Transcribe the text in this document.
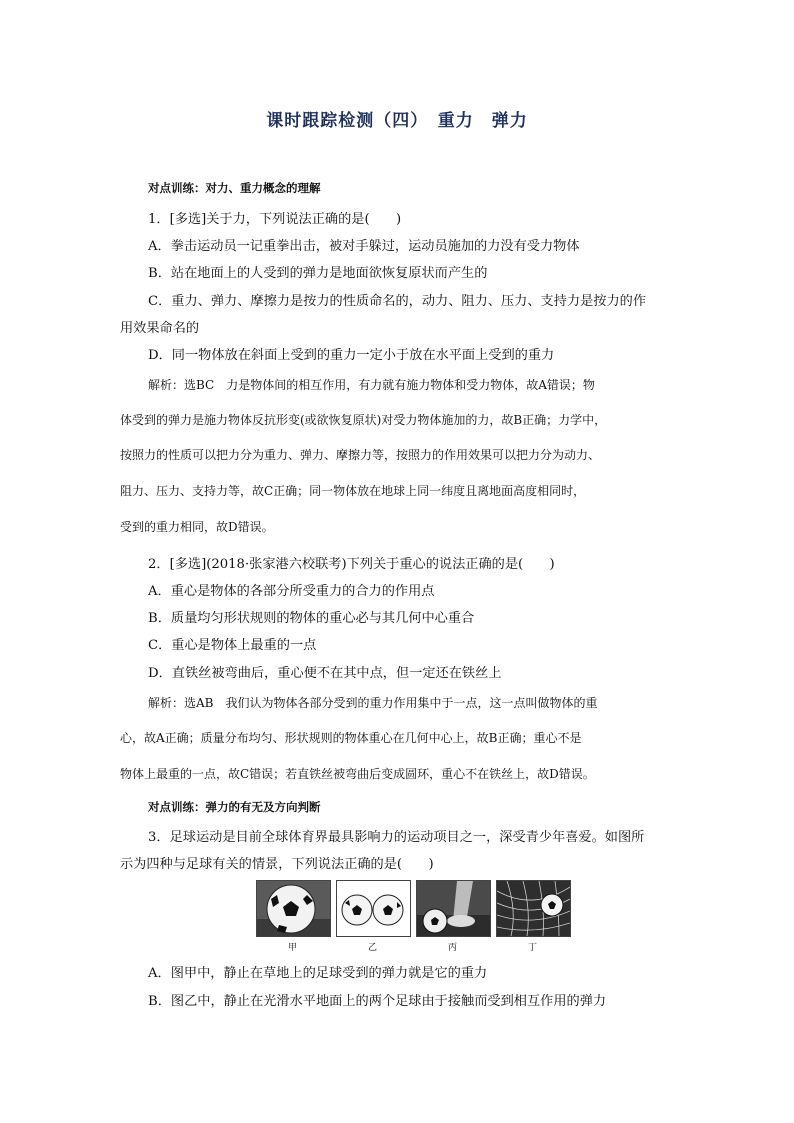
课时跟踪检测（四）　重力　弹力
对点训练：对力、重力概念的理解
1．[多选]关于力，下列说法正确的是(　　)
A．拳击运动员一记重拳出击，被对手躲过，运动员施加的力没有受力物体
B．站在地面上的人受到的弹力是地面欲恢复原状而产生的
C．重力、弹力、摩擦力是按力的性质命名的，动力、阻力、压力、支持力是按力的作
用效果命名的
D．同一物体放在斜面上受到的重力一定小于放在水平面上受到的重力
解析：选BC　力是物体间的相互作用，有力就有施力物体和受力物体，故A错误；物
体受到的弹力是施力物体反抗形变(或欲恢复原状)对受力物体施加的力，故B正确；力学中，
按照力的性质可以把力分为重力、弹力、摩擦力等，按照力的作用效果可以把力分为动力、
阻力、压力、支持力等，故C正确；同一物体放在地球上同一纬度且离地面高度相同时，
受到的重力相同，故D错误。
2．[多选](2018·张家港六校联考)下列关于重心的说法正确的是(　　)
A．重心是物体的各部分所受重力的合力的作用点
B．质量均匀形状规则的物体的重心必与其几何中心重合
C．重心是物体上最重的一点
D．直铁丝被弯曲后，重心便不在其中点，但一定还在铁丝上
解析：选AB　我们认为物体各部分受到的重力作用集中于一点，这一点叫做物体的重
心，故A正确；质量分布均匀、形状规则的物体重心在几何中心上，故B正确；重心不是
物体上最重的一点，故C错误；若直铁丝被弯曲后变成圆环，重心不在铁丝上，故D错误。
对点训练：弹力的有无及方向判断
3．足球运动是目前全球体育界最具影响力的运动项目之一，深受青少年喜爱。如图所
示为四种与足球有关的情景，下列说法正确的是(　　)
甲	乙	丙	丁
A．图甲中，静止在草地上的足球受到的弹力就是它的重力
B．图乙中，静止在光滑水平地面上的两个足球由于接触而受到相互作用的弹力
